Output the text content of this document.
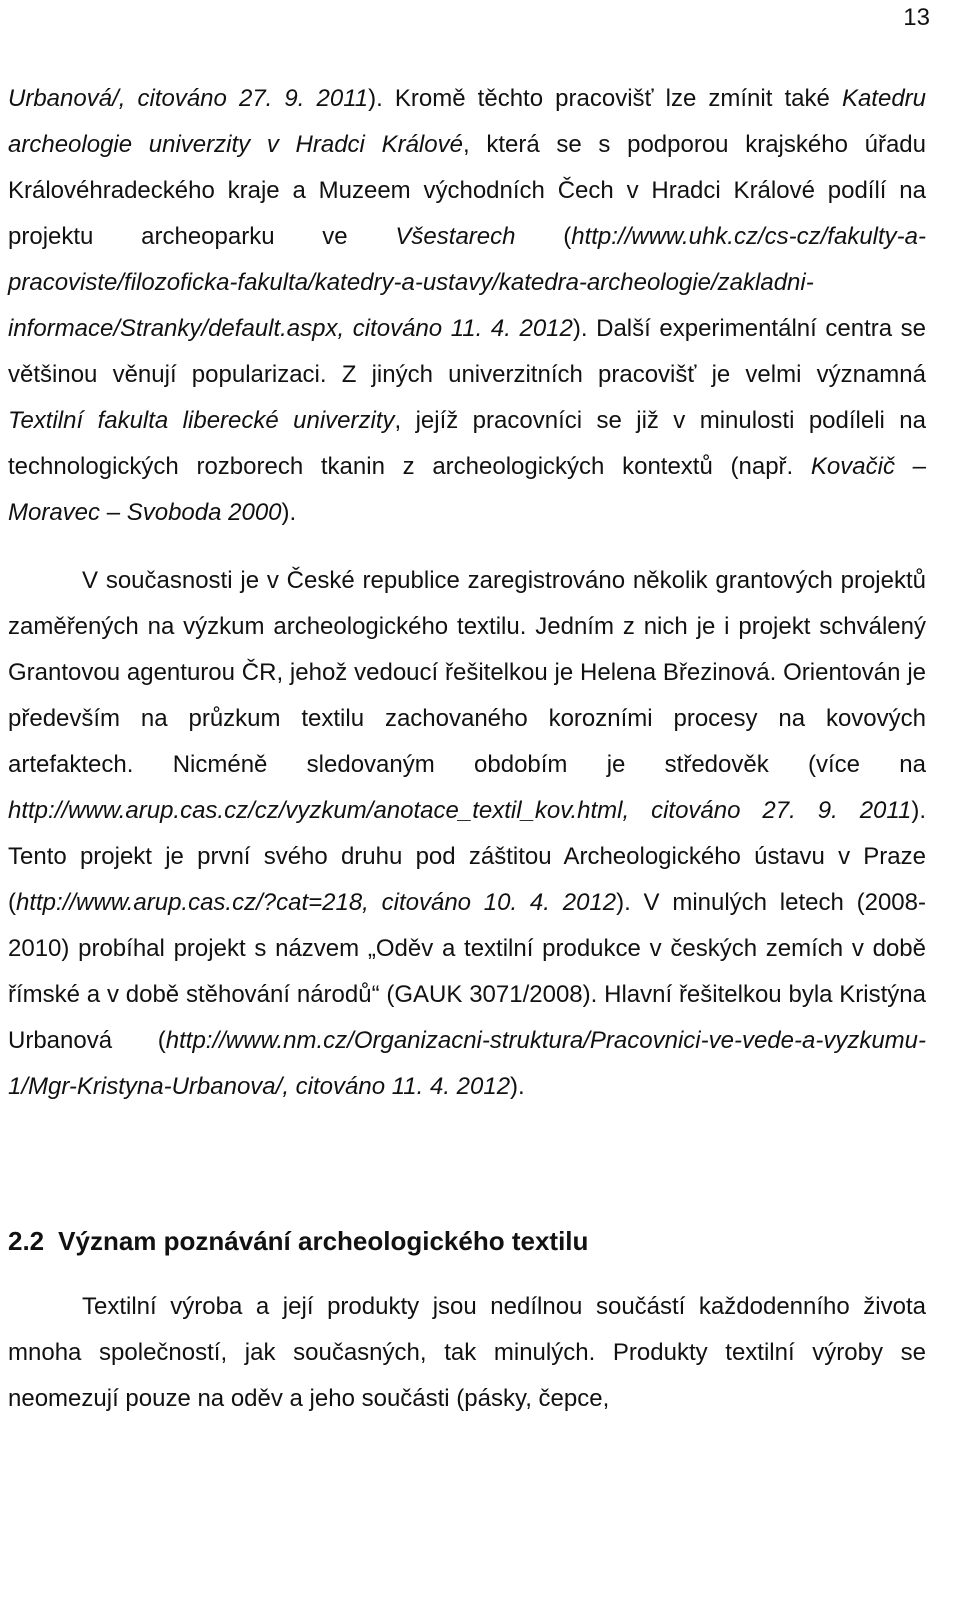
13

Urbanová/, citováno 27. 9. 2011). Kromě těchto pracovišť lze zmínit také Katedru archeologie univerzity v Hradci Králové, která se s podporou krajského úřadu Královéhradeckého kraje a Muzeem východních Čech v Hradci Králové podílí na projektu archeoparku ve Všestarech (http://www.uhk.cz/cs-cz/fakulty-a-pracoviste/filozoficka-fakulta/katedry-a-ustavy/katedra-archeologie/zakladni-informace/Stranky/default.aspx, citováno 11. 4. 2012). Další experimentální centra se většinou věnují popularizaci. Z jiných univerzitních pracovišť je velmi významná Textilní fakulta liberecké univerzity, jejíž pracovníci se již v minulosti podíleli na technologických rozborech tkanin z archeologických kontextů (např. Kovačič – Moravec – Svoboda 2000).

V současnosti je v České republice zaregistrováno několik grantových projektů zaměřených na výzkum archeologického textilu. Jedním z nich je i projekt schválený Grantovou agenturou ČR, jehož vedoucí řešitelkou je Helena Březinová. Orientován je především na průzkum textilu zachovaného korozními procesy na kovových artefaktech. Nicméně sledovaným obdobím je středověk (více na http://www.arup.cas.cz/cz/vyzkum/anotace_textil_kov.html, citováno 27. 9. 2011). Tento projekt je první svého druhu pod záštitou Archeologického ústavu v Praze (http://www.arup.cas.cz/?cat=218, citováno 10. 4. 2012). V minulých letech (2008-2010) probíhal projekt s názvem „Oděv a textilní produkce v českých zemích v době římské a v době stěhování národů“ (GAUK 3071/2008). Hlavní řešitelkou byla Kristýna Urbanová (http://www.nm.cz/Organizacni-struktura/Pracovnici-ve-vede-a-vyzkumu-1/Mgr-Kristyna-Urbanova/, citováno 11. 4. 2012).

2.2 Význam poznávání archeologického textilu

Textilní výroba a její produkty jsou nedílnou součástí každodenního života mnoha společností, jak současných, tak minulých. Produkty textilní výroby se neomezují pouze na oděv a jeho součásti (pásky, čepce,
